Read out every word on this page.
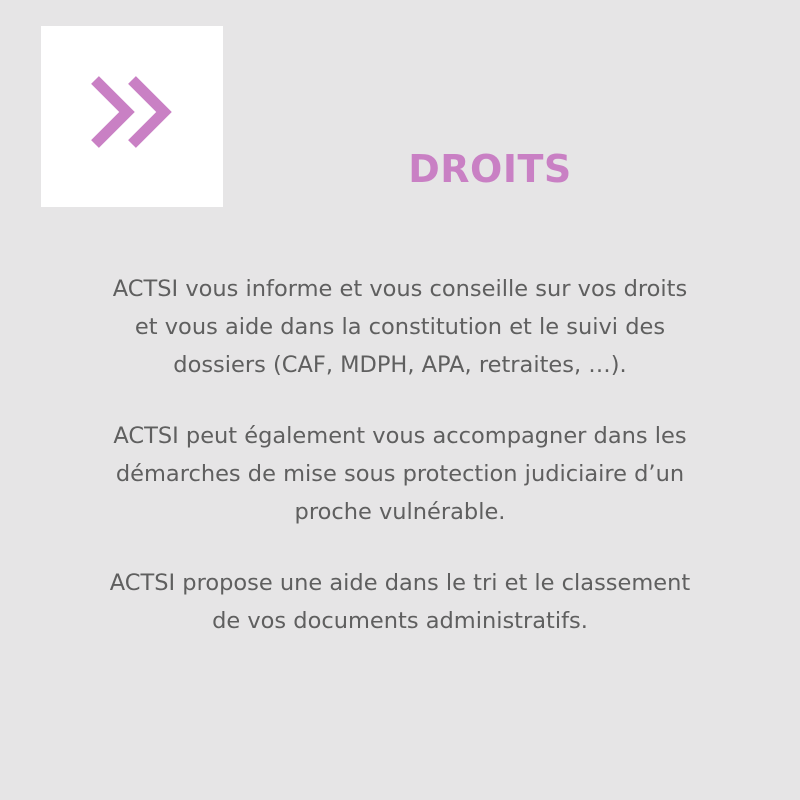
DROITS

ACTSI vous informe et vous conseille sur vos droits
et vous aide dans la constitution et le suivi des
dossiers (CAF, MDPH, APA, retraites, …).

ACTSI peut également vous accompagner dans les
démarches de mise sous protection judiciaire d’un
proche vulnérable.

ACTSI propose une aide dans le tri et le classement
de vos documents administratifs.
